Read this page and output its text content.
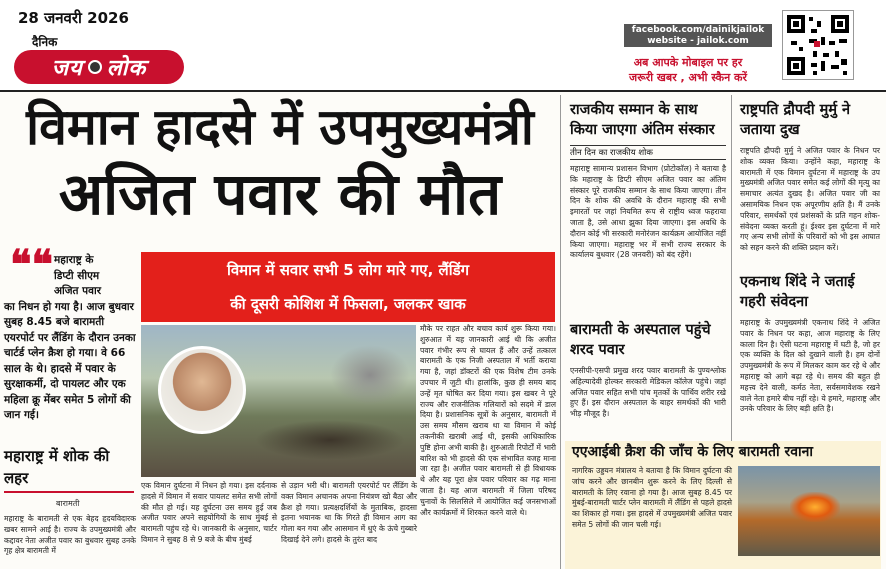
28 जनवरी 2026
दैनिक
जय लोक
facebook.com/dainikjailok
website - jailok.com
अब आपके मोबाइल पर हर
जरूरी खबर , अभी स्कैन करें
विमान हादसे में उपमुख्यमंत्री
अजित पवार की मौत
❝❝ महाराष्ट्र के
डिप्टी सीएम
अजित पवार
का निधन हो गया है। आज बुधवार सुबह 8.45 बजे बारामती एयरपोर्ट पर लैंडिंग के दौरान उनका चार्टर्ड प्लेन क्रैश हो गया। वे 66 साल के थे। हादसे में पवार के सुरक्षाकर्मी, दो पायलट और एक महिला क्रू मेंबर समेत 5 लोगों की जान गई।
विमान में सवार सभी 5 लोग मारे गए, लैंडिंग
की दूसरी कोशिश में फिसला, जलकर खाक
मौके पर राहत और बचाव कार्य शुरू किया गया। शुरुआत में यह जानकारी आई थी कि अजीत पवार गंभीर रूप से घायल हैं और उन्हें तत्काल बारामती के एक निजी अस्पताल में भर्ती कराया गया है, जहां डॉक्टरों की एक विशेष टीम उनके उपचार में जुटी थी। हालांकि, कुछ ही समय बाद उन्हें मृत घोषित कर दिया गया। इस खबर ने पूरे राज्य और राजनीतिक गलियारों को सदमे में डाल दिया है। प्रशासनिक सूत्रों के अनुसार, बारामती में उस समय मौसम खराब था या विमान में कोई तकनीकी खराबी आई थी, इसकी आधिकारिक पुष्टि होना अभी बाकी है। शुरुआती रिपोर्टों में भारी बारिश को भी हादसे की एक संभावित वजह माना जा रहा है। अजीत पवार बारामती से ही विधायक थे और यह पूरा क्षेत्र पवार परिवार का गढ़ माना जाता है। यह आज बारामती में जिला परिषद चुनावों के सिलसिले में आयोजित कई जनसभाओं और कार्यक्रमों में शिरकत करने वाले थे।
एक विमान दुर्घटना में निधन हो गया। इस दर्दनाक हादसे में विमान में सवार पायलट समेत सभी लोगों की मौत हो गई। यह दुर्घटना उस समय हुई जब अजीत पवार अपने सहयोगियों के साथ मुंबई से बारामती पहुंच रहे थे। जानकारी के अनुसार, चार्टर विमान ने सुबह 8 से 9 बजे के बीच मुंबई
से उड़ान भरी थी। बारामती एयरपोर्ट पर लैंडिंग के वक्त विमान अचानक अपना नियंत्रण खो बैठा और क्रैश हो गया। प्रत्यक्षदर्शियों के मुताबिक, हादसा इतना भयानक था कि गिरते ही विमान आग का गोला बन गया और आसमान में धुएं के ऊंचे गुब्बारे दिखाई देने लगे। हादसे के तुरंत बाद
महाराष्ट्र में शोक की लहर
बारामती
महाराष्ट्र के बारामती से एक बेहद हृदयविदारक खबर सामने आई है। राज्य के उपमुख्यमंत्री और कद्दावर नेता अजीत पवार का बुधवार सुबह उनके गृह क्षेत्र बारामती में
राजकीय सम्मान के साथ किया जाएगा अंतिम संस्कार
तीन दिन का राजकीय शोक
महाराष्ट्र सामान्य प्रशासन विभाग (प्रोटोकॉल) ने बताया है कि महाराष्ट्र के डिप्टी सीएम अजित पवार का अंतिम संस्कार पूरे राजकीय सम्मान के साथ किया जाएगा। तीन दिन के शोक की अवधि के दौरान महाराष्ट्र की सभी इमारतों पर जहां नियमित रूप से राष्ट्रीय ध्वज फहराया जाता है, उसे आधा झुका दिया जाएगा। इस अवधि के दौरान कोई भी सरकारी मनोरंजन कार्यक्रम आयोजित नहीं किया जाएगा। महाराष्ट्र भर में सभी राज्य सरकार के कार्यालय बुधवार (28 जनवरी) को बंद रहेंगे।
बारामती के अस्पताल पहुंचे शरद पवार
एनसीपी-एसपी प्रमुख शरद पवार बारामती के पुण्यश्लोक अहिल्यादेवी होल्कर सरकारी मेडिकल कॉलेज पहुंचे। जहां अजित पवार सहित सभी पांच मृतकों के पार्थिव शरीर रखे हुए हैं। इस दौरान अस्पताल के बाहर समर्थकों की भारी भीड़ मौजूद है।
राष्ट्रपति द्रौपदी मुर्मु ने जताया दुख
राष्ट्रपति द्रौपदी मुर्मु ने अजित पवार के निधन पर शोक व्यक्त किया। उन्होंने कहा, महाराष्ट्र के बारामती में एक विमान दुर्घटना में महाराष्ट्र के उप मुख्यमंत्री अजित पवार समेत कई लोगों की मृत्यु का समाचार अत्यंत दुखद है। अजित पवार जी का असामयिक निधन एक अपूरणीय क्षति है। मैं उनके परिवार, समर्थकों एवं प्रशंसकों के प्रति गहन शोक-संवेदना व्यक्त करती हूं। ईश्वर इस दुर्घटना में मारे गए अन्य सभी लोगों के परिवारों को भी इस आघात को सहन करने की शक्ति प्रदान करें।
एकनाथ शिंदे ने जताई गहरी संवेदना
महाराष्ट्र के उपमुख्यमंत्री एकनाथ शिंदे ने अजित पवार के निधन पर कहा, आज महाराष्ट्र के लिए काला दिन है। ऐसी घटना महाराष्ट्र में घटी है, जो हर एक व्यक्ति के दिल को दुखाने वाली है। हम दोनों उपमुख्यमंत्री के रूप में मिलकर काम कर रहे थे और महाराष्ट्र को आगे बढ़ा रहे थे। समय की बहुत ही महत्त्व देने वाली, कर्मठ नेता, सर्वसमावेशक रखने वाले नेता हमारे बीच नहीं रहे। ये हमारे, महाराष्ट्र और उनके परिवार के लिए बड़ी क्षति है।
एएआईबी क्रैश की जाँच के लिए बारामती रवाना
नागरिक उड्डयन मंत्रालय ने बताया है कि विमान दुर्घटना की जांच करने और छानबीन शुरू करने के लिए दिल्ली से बारामती के लिए रवाना हो गया है। आज सुबह 8.45 पर मुंबई-बारामती चार्टर प्लेन बारामती में लैंडिंग से पहले हादसे का शिकार हो गया। इस हादसे में उपमुख्यमंत्री अजित पवार समेत 5 लोगों की जान चली गई।
